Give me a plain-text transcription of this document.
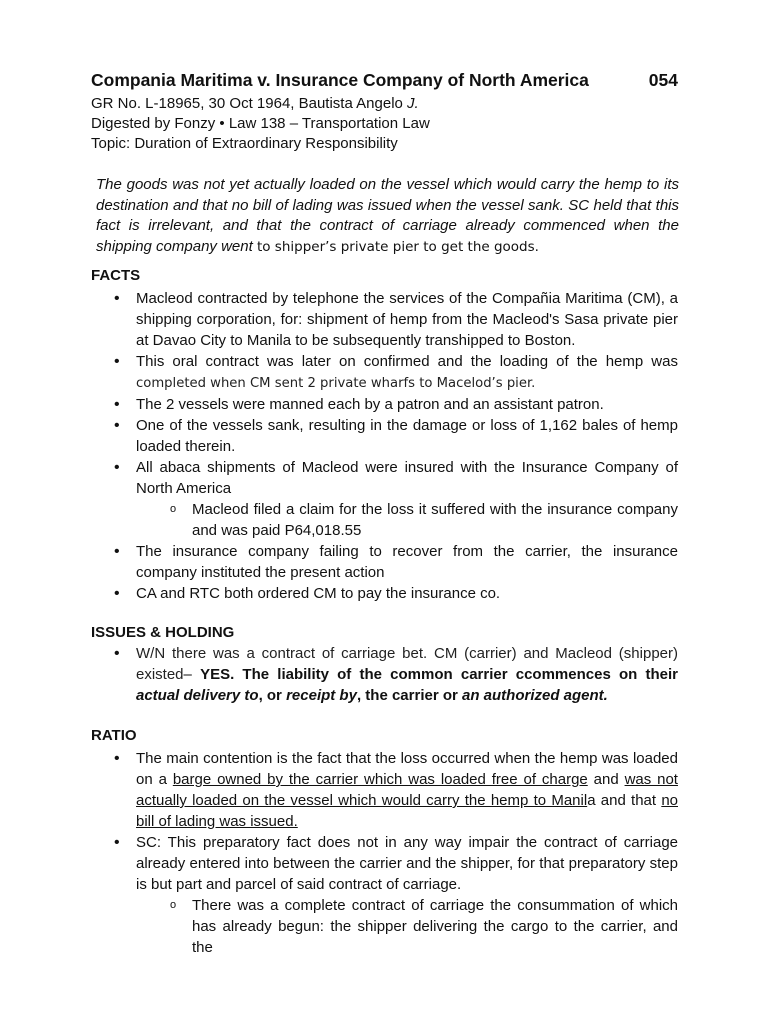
Compania Maritima v. Insurance Company of North America	054
GR No. L-18965, 30 Oct 1964, Bautista Angelo J.
Digested by Fonzy • Law 138 – Transportation Law
Topic: Duration of Extraordinary Responsibility
The goods was not yet actually loaded on the vessel which would carry the hemp to its destination and that no bill of lading was issued when the vessel sank. SC held that this fact is irrelevant, and that the contract of carriage already commenced when the shipping company went to shipper’s private pier to get the goods.
FACTS
• Macleod contracted by telephone the services of the Compañia Maritima (CM), a shipping corporation, for: shipment of hemp from the Macleod's Sasa private pier at Davao City to Manila to be subsequently transhipped to Boston.
• This oral contract was later on confirmed and the loading of the hemp was completed when CM sent 2 private wharfs to Macelod’s pier.
• The 2 vessels were manned each by a patron and an assistant patron.
• One of the vessels sank, resulting in the damage or loss of 1,162 bales of hemp loaded therein.
• All abaca shipments of Macleod were insured with the Insurance Company of North America
o Macleod filed a claim for the loss it suffered with the insurance company and was paid P64,018.55
• The insurance company failing to recover from the carrier, the insurance company instituted the present action
• CA and RTC both ordered CM to pay the insurance co.
ISSUES & HOLDING
• W/N there was a contract of carriage bet. CM (carrier) and Macleod (shipper) existed– YES. The liability of the common carrier ccommences on their actual delivery to, or receipt by, the carrier or an authorized agent.
RATIO
• The main contention is the fact that the loss occurred when the hemp was loaded on a barge owned by the carrier which was loaded free of charge and was not actually loaded on the vessel which would carry the hemp to Manila and that no bill of lading was issued.
• SC: This preparatory fact does not in any way impair the contract of carriage already entered into between the carrier and the shipper, for that preparatory step is but part and parcel of said contract of carriage.
o There was a complete contract of carriage the consummation of which has already begun: the shipper delivering the cargo to the carrier, and the
